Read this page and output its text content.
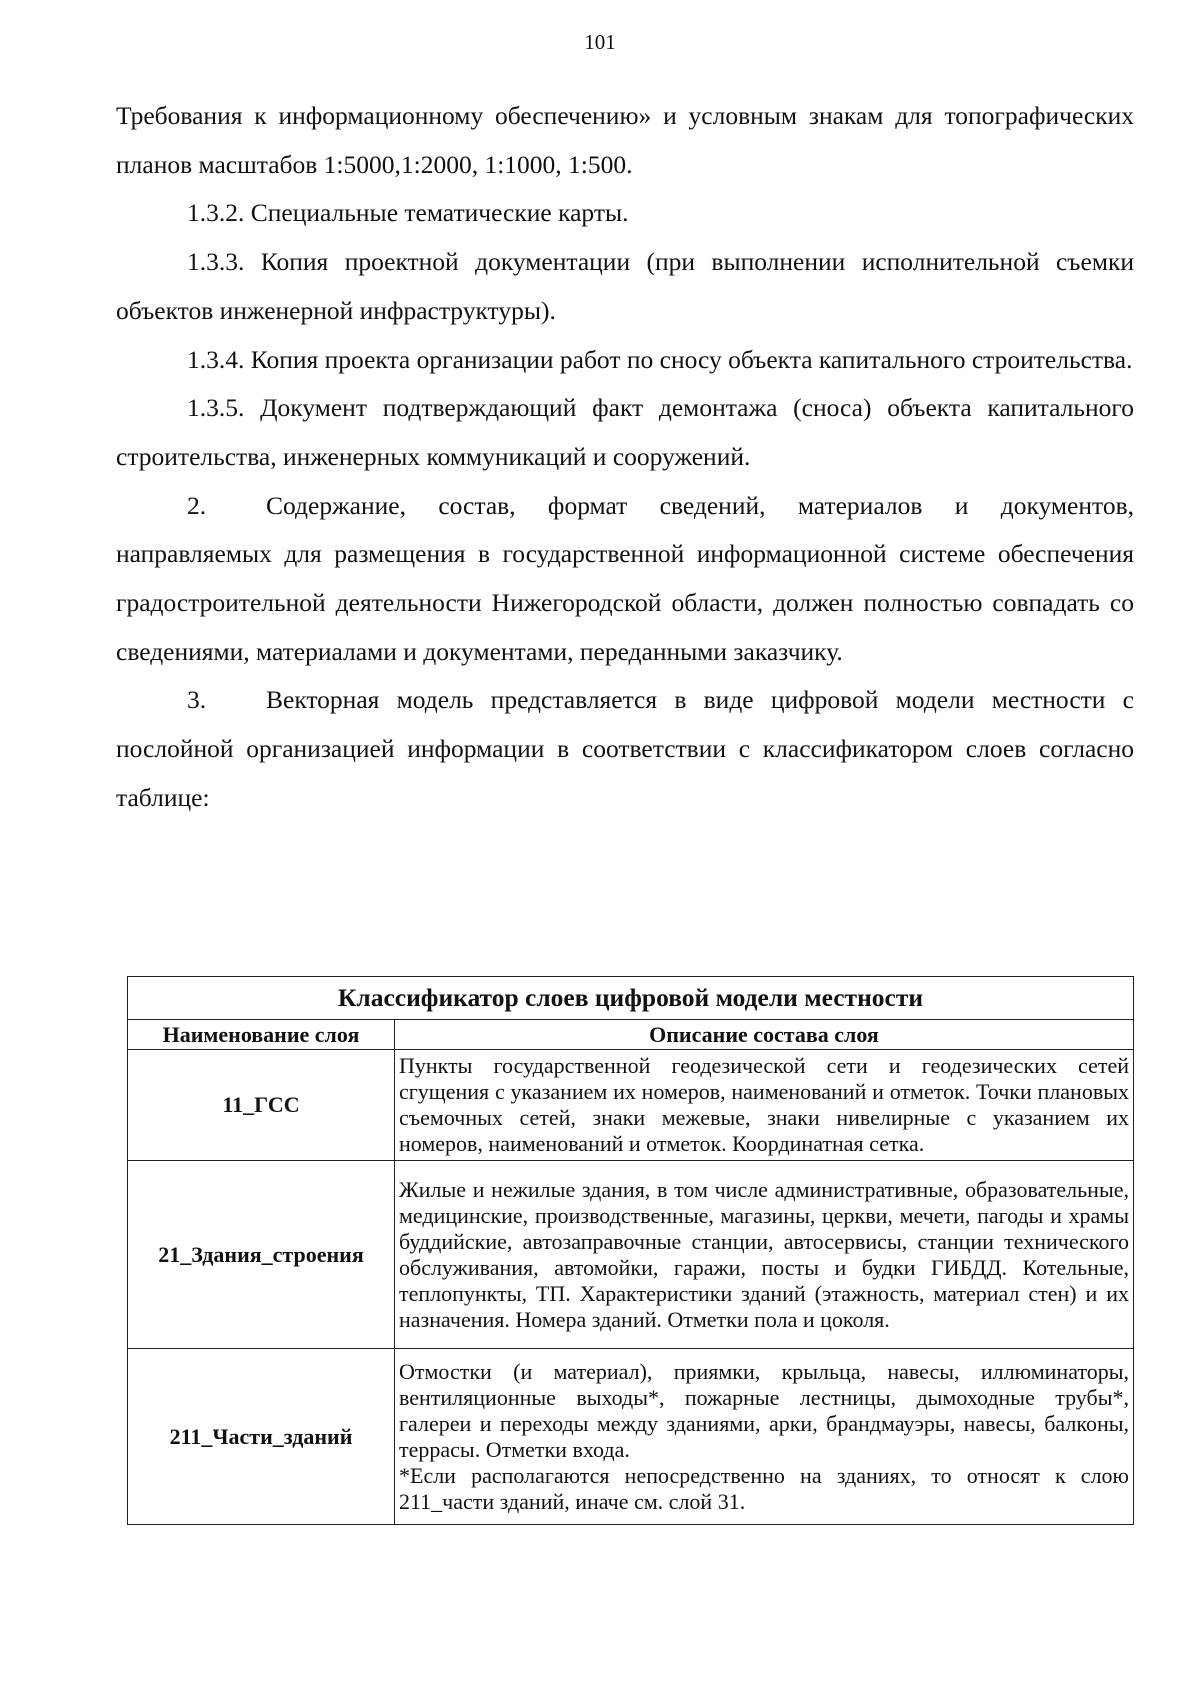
101

Требования к информационному обеспечению» и условным знакам для топографических планов масштабов 1:5000,1:2000, 1:1000, 1:500.

1.3.2. Специальные тематические карты.

1.3.3. Копия проектной документации (при выполнении исполнительной съемки объектов инженерной инфраструктуры).

1.3.4. Копия проекта организации работ по сносу объекта капитального строительства.

1.3.5. Документ подтверждающий факт демонтажа (сноса) объекта капитального строительства, инженерных коммуникаций и сооружений.

2. Содержание, состав, формат сведений, материалов и документов, направляемых для размещения в государственной информационной системе обеспечения градостроительной деятельности Нижегородской области, должен полностью совпадать со сведениями, материалами и документами, переданными заказчику.

3. Векторная модель представляется в виде цифровой модели местности с послойной организацией информации в соответствии с классификатором слоев согласно таблице:

Классификатор слоев цифровой модели местности	
Наименование слоя	Описание состава слоя
11_ГСС	Пункты государственной геодезической сети и геодезических сетей сгущения с указанием их номеров, наименований и отметок. Точки плановых съемочных сетей, знаки межевые, знаки нивелирные с указанием их номеров, наименований и отметок. Координатная сетка.
21_Здания_строения	Жилые и нежилые здания, в том числе административные, образовательные, медицинские, производственные, магазины, церкви, мечети, пагоды и храмы буддийские, автозаправочные станции, автосервисы, станции технического обслуживания, автомойки, гаражи, посты и будки ГИБДД. Котельные, теплопункты, ТП. Характеристики зданий (этажность, материал стен) и их назначения. Номера зданий. Отметки пола и цоколя.
211_Части_зданий	Отмостки (и материал), приямки, крыльца, навесы, иллюминаторы, вентиляционные выходы*, пожарные лестницы, дымоходные трубы*, галереи и переходы между зданиями, арки, брандмауэры, навесы, балконы, террасы. Отметки входа.
*Если располагаются непосредственно на зданиях, то относят к слою 211_части зданий, иначе см. слой 31.
